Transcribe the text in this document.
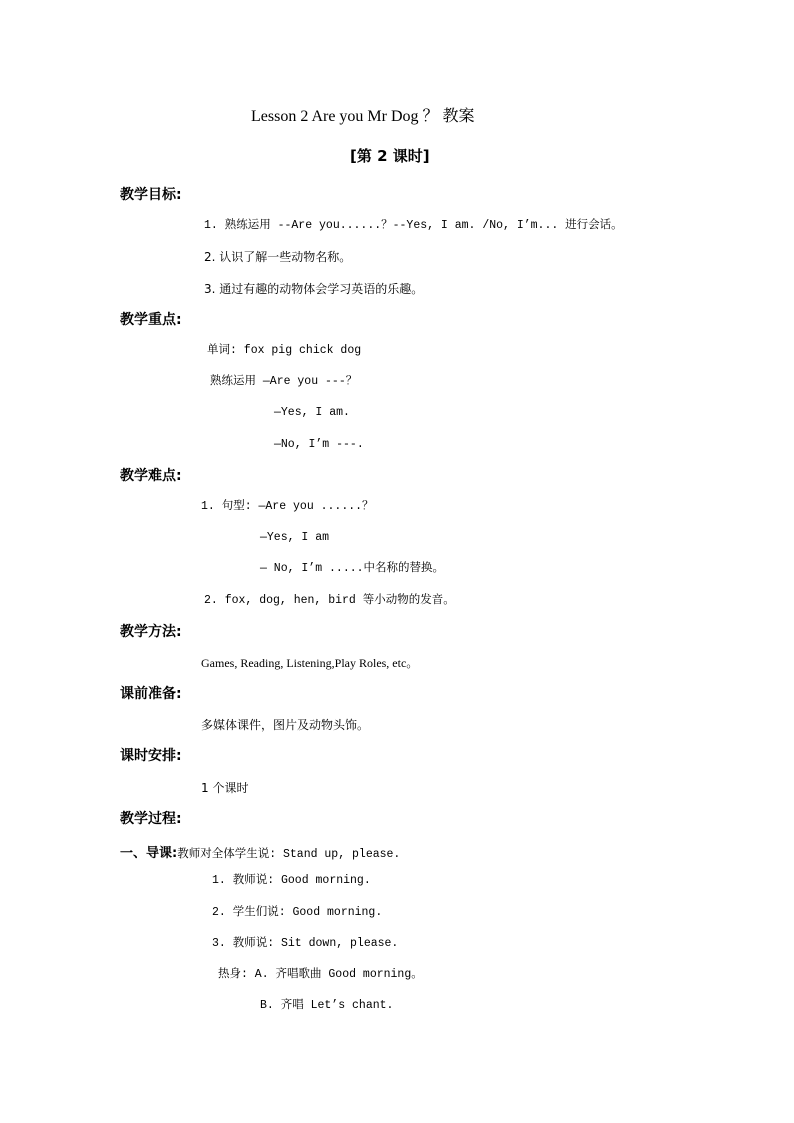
Lesson 2 Are you Mr Dog ？ 教案
[第 2 课时]
教学目标:
1. 熟练运用 --Are you......？--Yes, I am. /No, I’m... 进行会话。
2. 认识了解一些动物名称。
3. 通过有趣的动物体会学习英语的乐趣。
教学重点:
单词: fox pig chick dog
熟练运用 —Are you ---？
—Yes, I am.
—No, I’m ---.
教学难点:
1. 句型: —Are you ......？
—Yes, I am
— No, I’m .....中名称的替换。
2. fox, dog, hen, bird 等小动物的发音。
教学方法:
Games, Reading, Listening,Play Roles, etc。
课前准备:
多媒体课件，图片及动物头饰。
课时安排:
1 个课时
教学过程:
一、导课:教师对全体学生说: Stand up, please.
1. 教师说: Good morning.
2. 学生们说: Good morning.
3. 教师说: Sit down, please.
热身: A. 齐唱歌曲 Good morning。
B. 齐唱 Let’s chant.
